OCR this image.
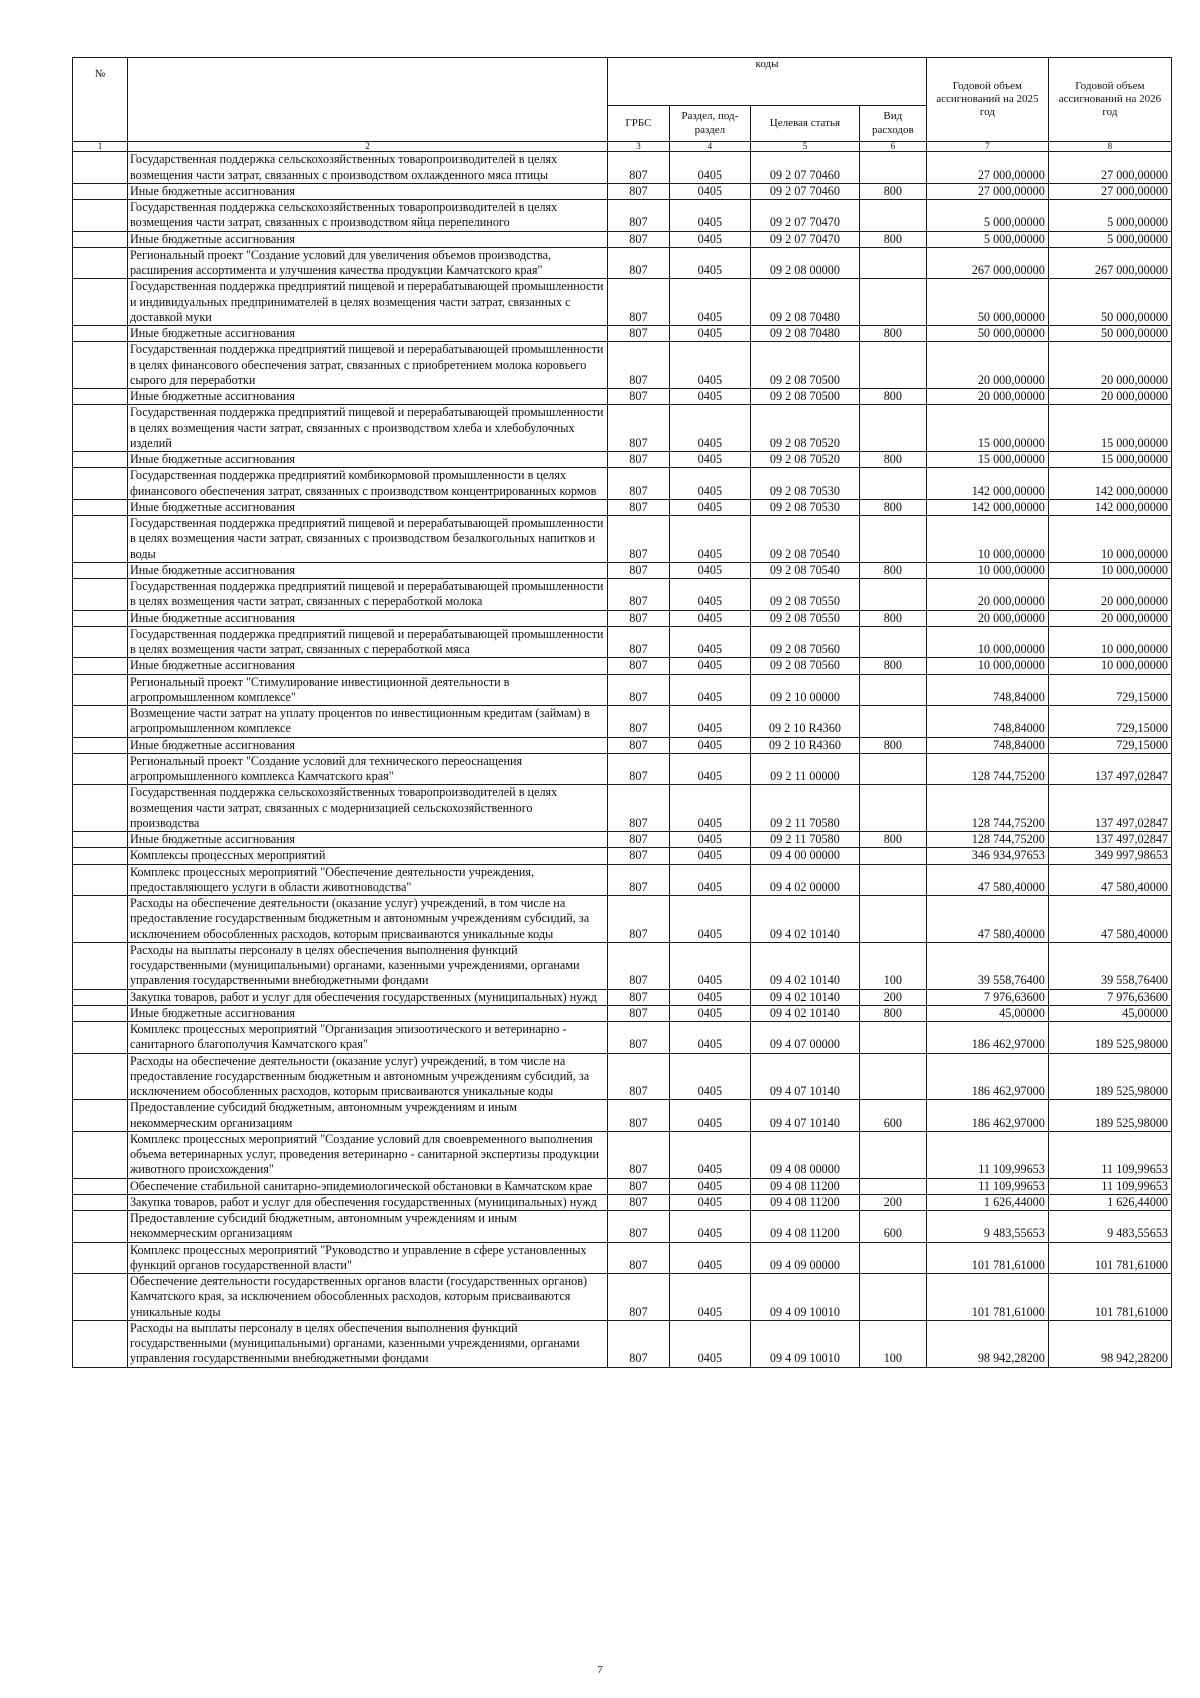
№		коды				Годовой объем ассигнований на 2025 год	Годовой объем ассигнований на 2026 год
		ГРБС	Раздел, под-раздел	Целевая статья	Вид расходов		
1	2	3	4	5	6	7	8
	Государственная поддержка сельскохозяйственных товаропроизводителей в целях возмещения части затрат, связанных с производством охлажденного мяса птицы	807	0405	09 2 07 70460		27 000,00000	27 000,00000
	Иные бюджетные ассигнования	807	0405	09 2 07 70460	800	27 000,00000	27 000,00000
	Государственная поддержка сельскохозяйственных товаропроизводителей в целях возмещения части затрат, связанных с производством яйца перепелиного	807	0405	09 2 07 70470		5 000,00000	5 000,00000
	Иные бюджетные ассигнования	807	0405	09 2 07 70470	800	5 000,00000	5 000,00000
	Региональный проект "Создание условий для увеличения объемов производства, расширения ассортимента и улучшения качества продукции Камчатского края"	807	0405	09 2 08 00000		267 000,00000	267 000,00000
	Государственная поддержка предприятий пищевой и перерабатывающей промышленности и индивидуальных предпринимателей в целях возмещения части затрат, связанных с доставкой муки	807	0405	09 2 08 70480		50 000,00000	50 000,00000
	Иные бюджетные ассигнования	807	0405	09 2 08 70480	800	50 000,00000	50 000,00000
	Государственная поддержка предприятий пищевой и перерабатывающей промышленности в целях финансового обеспечения затрат, связанных с приобретением молока коровьего сырого для переработки	807	0405	09 2 08 70500		20 000,00000	20 000,00000
	Иные бюджетные ассигнования	807	0405	09 2 08 70500	800	20 000,00000	20 000,00000
	Государственная поддержка предприятий пищевой и перерабатывающей промышленности в целях возмещения части затрат, связанных с производством хлеба и хлебобулочных изделий	807	0405	09 2 08 70520		15 000,00000	15 000,00000
	Иные бюджетные ассигнования	807	0405	09 2 08 70520	800	15 000,00000	15 000,00000
	Государственная поддержка предприятий комбикормовой промышленности в целях финансового обеспечения затрат, связанных с производством концентрированных кормов	807	0405	09 2 08 70530		142 000,00000	142 000,00000
	Иные бюджетные ассигнования	807	0405	09 2 08 70530	800	142 000,00000	142 000,00000
	Государственная поддержка предприятий пищевой и перерабатывающей промышленности в целях возмещения части затрат, связанных с производством безалкогольных напитков и воды	807	0405	09 2 08 70540		10 000,00000	10 000,00000
	Иные бюджетные ассигнования	807	0405	09 2 08 70540	800	10 000,00000	10 000,00000
	Государственная поддержка предприятий пищевой и перерабатывающей промышленности в целях возмещения части затрат, связанных с переработкой молока	807	0405	09 2 08 70550		20 000,00000	20 000,00000
	Иные бюджетные ассигнования	807	0405	09 2 08 70550	800	20 000,00000	20 000,00000
	Государственная поддержка предприятий пищевой и перерабатывающей промышленности в целях возмещения части затрат, связанных с переработкой мяса	807	0405	09 2 08 70560		10 000,00000	10 000,00000
	Иные бюджетные ассигнования	807	0405	09 2 08 70560	800	10 000,00000	10 000,00000
	Региональный проект "Стимулирование инвестиционной деятельности в агропромышленном комплексе"	807	0405	09 2 10 00000		748,84000	729,15000
	Возмещение части затрат на уплату процентов по инвестиционным кредитам (займам) в агропромышленном комплексе	807	0405	09 2 10 R4360		748,84000	729,15000
	Иные бюджетные ассигнования	807	0405	09 2 10 R4360	800	748,84000	729,15000
	Региональный проект "Создание условий для технического переоснащения агропромышленного комплекса Камчатского края"	807	0405	09 2 11 00000		128 744,75200	137 497,02847
	Государственная поддержка сельскохозяйственных товаропроизводителей в целях возмещения части затрат, связанных с модернизацией сельскохозяйственного производства	807	0405	09 2 11 70580		128 744,75200	137 497,02847
	Иные бюджетные ассигнования	807	0405	09 2 11 70580	800	128 744,75200	137 497,02847
	Комплексы процессных мероприятий	807	0405	09 4 00 00000		346 934,97653	349 997,98653
	Комплекс процессных мероприятий "Обеспечение деятельности учреждения, предоставляющего услуги в области животноводства"	807	0405	09 4 02 00000		47 580,40000	47 580,40000
	Расходы на обеспечение деятельности (оказание услуг) учреждений, в том числе на предоставление государственным бюджетным и автономным учреждениям субсидий, за исключением обособленных расходов, которым присваиваются уникальные коды	807	0405	09 4 02 10140		47 580,40000	47 580,40000
	Расходы на выплаты персоналу в целях обеспечения выполнения функций государственными (муниципальными) органами, казенными учреждениями, органами управления государственными внебюджетными фондами	807	0405	09 4 02 10140	100	39 558,76400	39 558,76400
	Закупка товаров, работ и услуг для обеспечения государственных (муниципальных) нужд	807	0405	09 4 02 10140	200	7 976,63600	7 976,63600
	Иные бюджетные ассигнования	807	0405	09 4 02 10140	800	45,00000	45,00000
	Комплекс процессных мероприятий "Организация эпизоотического и ветеринарно - санитарного благополучия Камчатского края"	807	0405	09 4 07 00000		186 462,97000	189 525,98000
	Расходы на обеспечение деятельности (оказание услуг) учреждений, в том числе на предоставление государственным бюджетным и автономным учреждениям субсидий, за исключением обособленных расходов, которым присваиваются уникальные коды	807	0405	09 4 07 10140		186 462,97000	189 525,98000
	Предоставление субсидий бюджетным, автономным учреждениям и иным некоммерческим организациям	807	0405	09 4 07 10140	600	186 462,97000	189 525,98000
	Комплекс процессных мероприятий "Создание условий для своевременного выполнения объема ветеринарных услуг, проведения ветеринарно - санитарной экспертизы продукции животного происхождения"	807	0405	09 4 08 00000		11 109,99653	11 109,99653
	Обеспечение стабильной санитарно-эпидемиологической обстановки в Камчатском крае	807	0405	09 4 08 11200		11 109,99653	11 109,99653
	Закупка товаров, работ и услуг для обеспечения государственных (муниципальных) нужд	807	0405	09 4 08 11200	200	1 626,44000	1 626,44000
	Предоставление субсидий бюджетным, автономным учреждениям и иным некоммерческим организациям	807	0405	09 4 08 11200	600	9 483,55653	9 483,55653
	Комплекс процессных мероприятий "Руководство и управление в сфере установленных функций органов государственной власти"	807	0405	09 4 09 00000		101 781,61000	101 781,61000
	Обеспечение деятельности государственных органов власти (государственных органов) Камчатского края, за исключением обособленных расходов, которым присваиваются уникальные коды	807	0405	09 4 09 10010		101 781,61000	101 781,61000
	Расходы на выплаты персоналу в целях обеспечения выполнения функций государственными (муниципальными) органами, казенными учреждениями, органами управления государственными внебюджетными фондами	807	0405	09 4 09 10010	100	98 942,28200	98 942,28200
7
